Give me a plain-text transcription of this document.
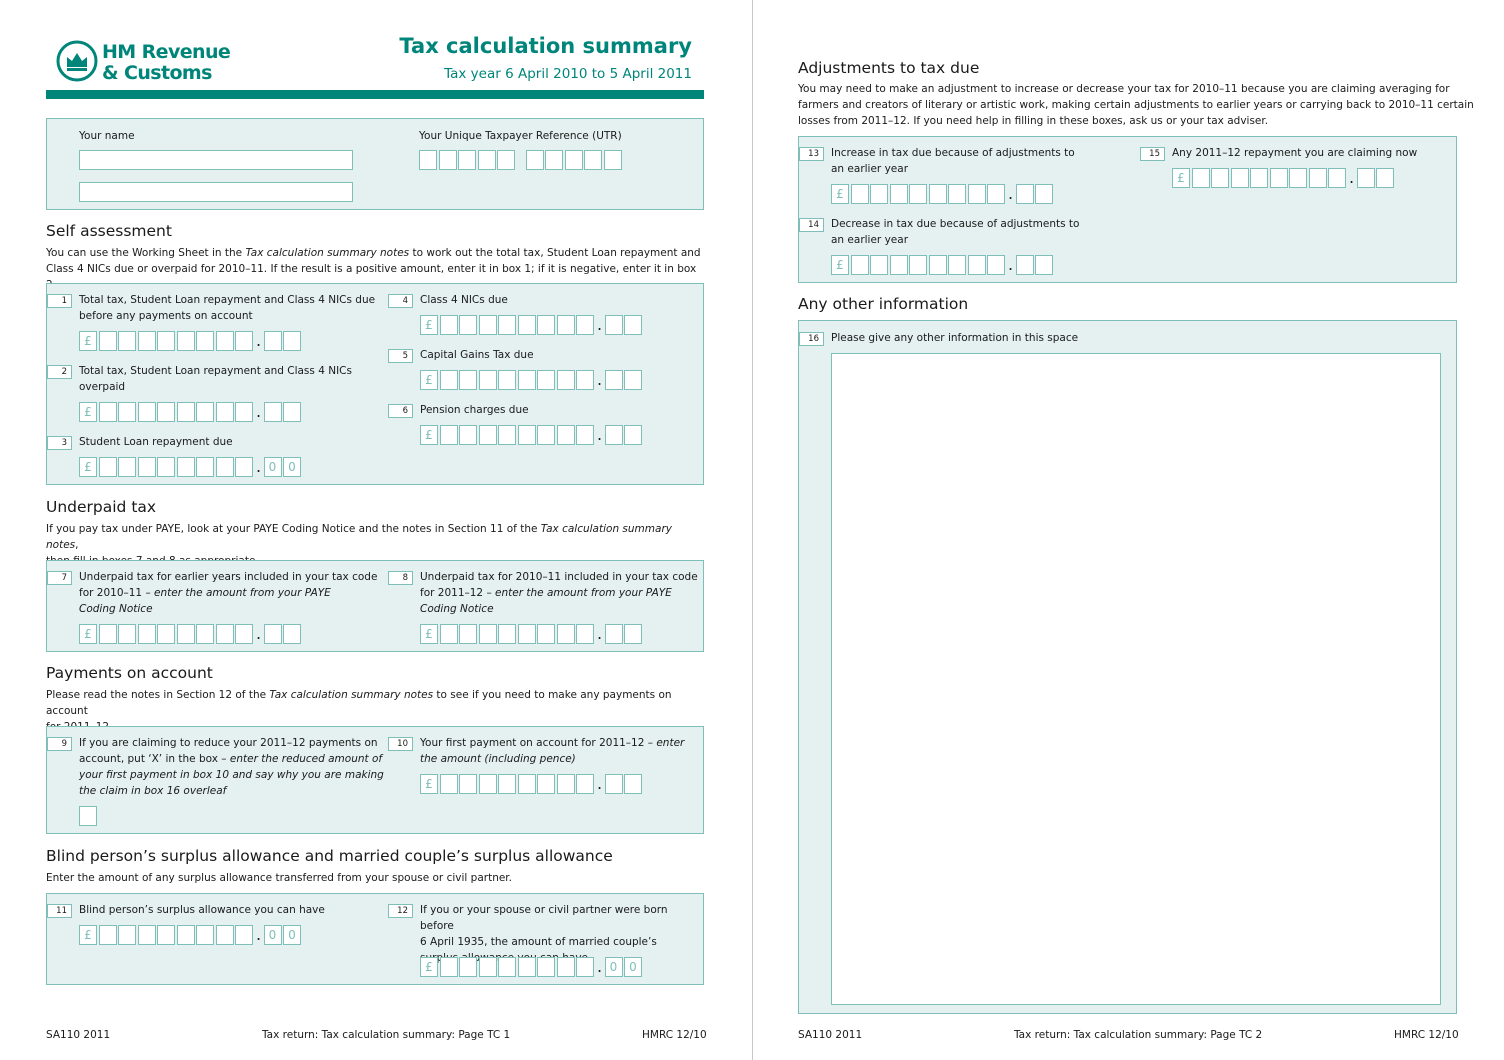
HM Revenue
& Customs
Tax calculation summary
Tax year 6 April 2010 to 5 April 2011
Your name	Your Unique Taxpayer Reference (UTR)
Self assessment
You can use the Working Sheet in the Tax calculation summary notes to work out the total tax, Student Loan repayment and
Class 4 NICs due or overpaid for 2010–11. If the result is a positive amount, enter it in box 1; if it is negative, enter it in box
1	Total tax, Student Loan repayment and Class 4 NICs due
before any payments on account
£	.
2	Total tax, Student Loan repayment and Class 4 NICs
overpaid
£	.
3	Student Loan repayment due
£	. 0 0
4	Class 4 NICs due
£	.
5	Capital Gains Tax due
£	.
6	Pension charges due
£	.
Underpaid tax
If you pay tax under PAYE, look at your PAYE Coding Notice and the notes in Section 11 of the Tax calculation summary notes,

7	Underpaid tax for earlier years included in your tax code
for 2010–11 – enter the amount from your PAYE
Coding Notice
£	.
8	Underpaid tax for 2010–11 included in your tax code
for 2011–12 – enter the amount from your PAYE
Coding Notice
£	.
Payments on account
Please read the notes in Section 12 of the Tax calculation summary notes to see if you need to make any payments on account

9	If you are claiming to reduce your 2011–12 payments on
account, put ‘X’ in the box – enter the reduced amount of
your first payment in box 10 and say why you are making
the claim in box 16 overleaf
10	Your first payment on account for 2011–12 – enter
the amount (including pence)
£	.
Blind person’s surplus allowance and married couple’s surplus allowance
Enter the amount of any surplus allowance transferred from your spouse or civil partner.
11	Blind person’s surplus allowance you can have
£	. 0 0
12	If you or your spouse or civil partner were born before
6 April 1935, the amount of married couple’s

£	. 0 0
SA110 2011	Tax return: Tax calculation summary: Page TC 1	HMRC 12/10
Adjustments to tax due
You may need to make an adjustment to increase or decrease your tax for 2010–11 because you are claiming averaging for
farmers and creators of literary or artistic work, making certain adjustments to earlier years or carrying back to 2010–11 certain
losses from 2011–12. If you need help in filling in these boxes, ask us or your tax adviser.
13	Increase in tax due because of adjustments to
an earlier year
£	.
14	Decrease in tax due because of adjustments to
an earlier year
£	.
15	Any 2011–12 repayment you are claiming now
£	.
Any other information
16	Please give any other information in this space
SA110 2011	Tax return: Tax calculation summary: Page TC 2	HMRC 12/10
